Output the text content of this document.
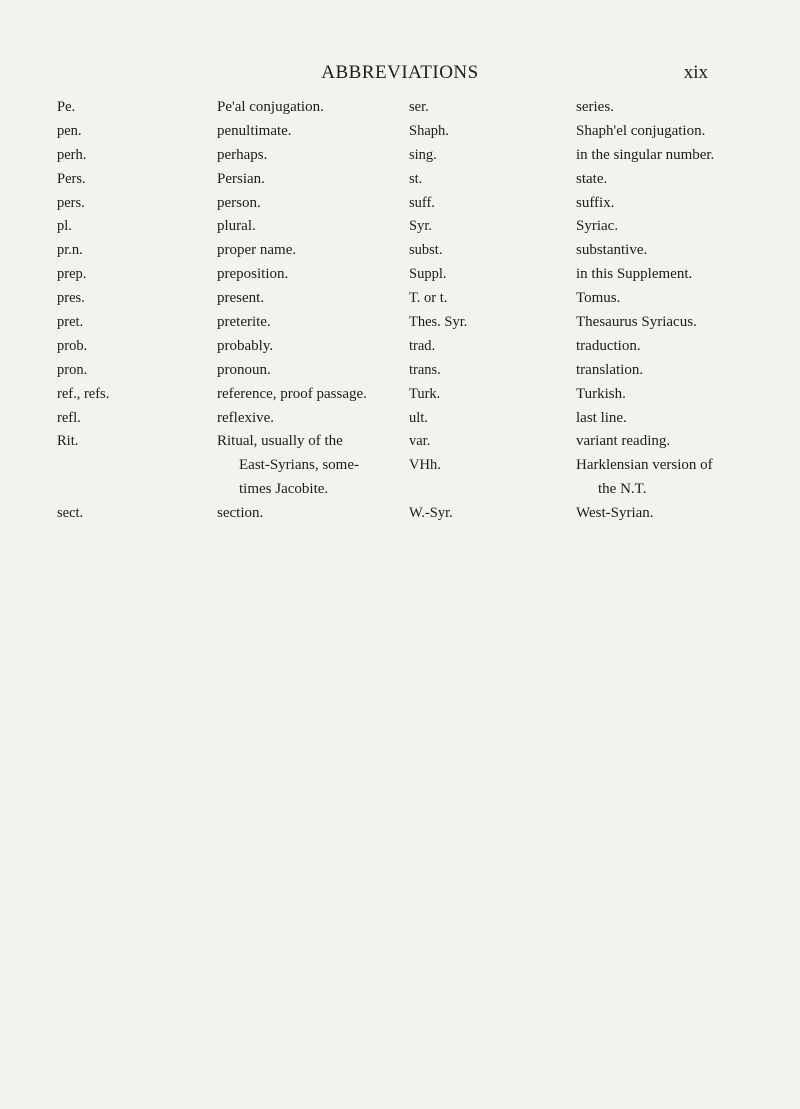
ABBREVIATIONS	xix
Pe.
pen.
perh.
Pers.
pers.
pl.
pr.n.
prep.
pres.
pret.
prob.
pron.
ref., refs.
refl.
Rit.
sect.
Pe'al conjugation.
penultimate.
perhaps.
Persian.
person.
plural.
proper name.
preposition.
present.
preterite.
probably.
pronoun.
reference, proof passage.
reflexive.
Ritual, usually of the
East-Syrians, some-
times Jacobite.
section.
ser.
Shaph.
sing.
st.
suff.
Syr.
subst.
Suppl.
T. or t.
Thes. Syr.
trad.
trans.
Turk.
ult.
var.
VHh.
W.-Syr.
series.
Shaph'el conjugation.
in the singular number.
state.
suffix.
Syriac.
substantive.
in this Supplement.
Tomus.
Thesaurus Syriacus.
traduction.
translation.
Turkish.
last line.
variant reading.
Harklensian version of
the N.T.
West-Syrian.
